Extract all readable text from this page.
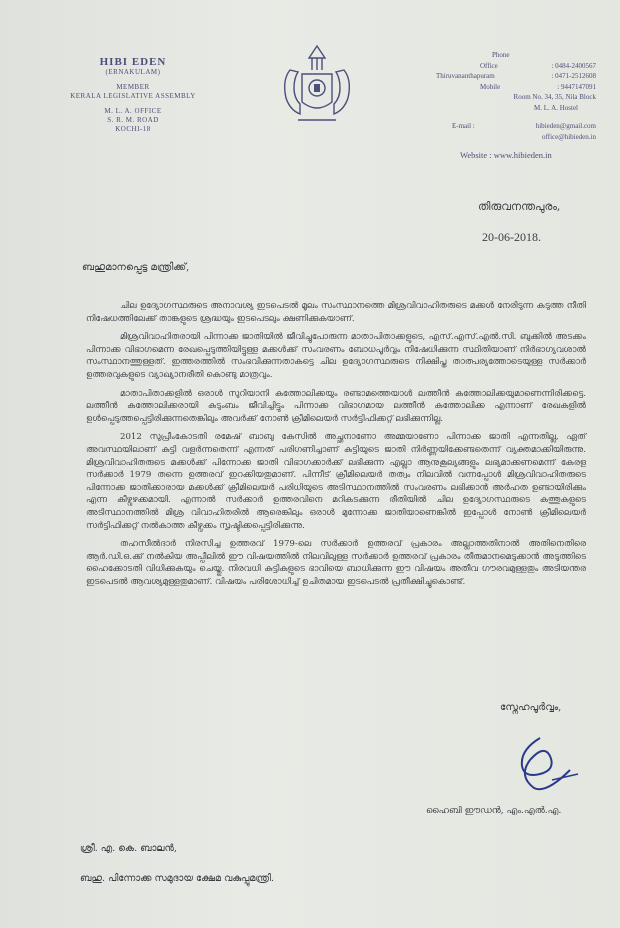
HIBI EDEN
(ERNAKULAM)
MEMBER
KERALA LEGISLATIVE ASSEMBLY
M. L. A. OFFICE
S. R. M. ROAD
KOCHI-18
Phone
Office	: 0484-2400567
Thiruvananthapuram	: 0471-2512608
Mobile	: 9447147091
Room No. 34, 35, Nila Block
M. L. A. Hostel
E-mail :	hibieden@gmail.com
office@hibieden.in
Website : www.hibieden.in
തിരുവനന്തപുരം,
20-06-2018.
ബഹുമാനപ്പെട്ട മന്ത്രിക്ക്,

ചില ഉദ്യോഗസ്ഥരുടെ അനാവശ്യ ഇടപെടൽ മൂലം സംസ്ഥാനത്തെ മിശ്രവിവാഹിതരുടെ മക്കൾ നേരിടുന്ന കടുത്ത നീതി നിഷേധത്തിലേക്ക് താങ്കളുടെ ശ്രദ്ധയും ഇടപെടലും ക്ഷണിക്കുകയാണ്.

മിശ്രവിവാഹിതരായി പിന്നാക്ക ജാതിയിൽ ജീവിച്ചുപോരുന്ന മാതാപിതാക്കളുടെ, എസ്.എസ്.എൽ.സി. ബുക്കിൽ അടക്കം പിന്നാക്ക വിഭാഗമെന്ന രേഖപ്പെടുത്തിയിട്ടുള്ള മക്കൾക്ക് സംവരണം ബോധപൂർവ്വം നിഷേധിക്കുന്ന സ്ഥിതിയാണ് നിർഭാഗ്യവശാൽ സംസ്ഥാനത്തുള്ളത്. ഇത്തരത്തിൽ സംഭവിക്കുന്നതാകട്ടെ ചില ഉദ്യോഗസ്ഥരുടെ നിക്ഷിപ്ത താത്പര്യത്തോടെയുള്ള സർക്കാർ ഉത്തരവുകളുടെ വ്യാഖ്യാനരീതി കൊണ്ടു മാത്രവും.

മാതാപിതാക്കളിൽ ഒരാൾ സുറിയാനി കത്തോലിക്കയും രണ്ടാമത്തെയാൾ ലത്തീൻ കത്തോലിക്കയുമാണെന്നിരിക്കട്ടെ. ലത്തീൻ കത്തോലിക്കരായി കുടുംബം ജീവിച്ചിട്ടും പിന്നാക്ക വിഭാഗമായ ലത്തീൻ കത്തോലിക്ക എന്നാണ് രേഖകളിൽ ഉൾപ്പെടുത്തപ്പെട്ടിരിക്കുന്നതെങ്കിലും അവർക്ക് നോൺ ക്രീമിലെയർ സർട്ടിഫിക്കറ്റ് ലഭിക്കുന്നില്ല.

2012 സുപ്രീംകോടതി രമേഷ് ബാബു കേസിൽ അച്ഛനാണോ അമ്മയാണോ പിന്നാക്ക ജാതി എന്നതില്ല, ഏത് അവസ്ഥയിലാണ് കുട്ടി വളർന്നതെന്ന് എന്നത് പരിഗണിച്ചാണ് കുട്ടിയുടെ ജാതി നിർണ്ണയിക്കേണ്ടതെന്ന് വ്യക്തമാക്കിയിരുന്നു. മിശ്രവിവാഹിതരുടെ മക്കൾക്ക് പിന്നോക്ക ജാതി വിഭാഗക്കാർക്ക് ലഭിക്കുന്ന എല്ലാ ആനുകൂല്യങ്ങളും ലഭ്യമാക്കണമെന്ന് കേരള സർക്കാർ 1979 തന്നെ ഉത്തരവ് ഇറക്കിയതുമാണ്. പിന്നീട് ക്രീമിലെയർ തത്വം നിലവിൽ വന്നപ്പോൾ മിശ്രവിവാഹിതരുടെ പിന്നോക്ക ജാതിക്കാരായ മക്കൾക്ക് ക്രീമിലെയർ പരിധിയുടെ അടിസ്ഥാനത്തിൽ സംവരണം ലഭിക്കാൻ അർഹത ഉണ്ടായിരിക്കും എന്ന കീഴ്വഴക്കമായി. എന്നാൽ സർക്കാർ ഉത്തരവിനെ മറികടക്കുന്ന രീതിയിൽ ചില ഉദ്യോഗസ്ഥരുടെ കത്തുകളുടെ അടിസ്ഥാനത്തിൽ മിശ്ര വിവാഹിതരിൽ ആരെങ്കിലും ഒരാൾ മുന്നോക്ക ജാതിയാണെങ്കിൽ ഇപ്പോൾ നോൺ ക്രീമിലെയർ സർട്ടിഫിക്കറ്റ് നൽകാത്ത കീഴ്വക്കം സൃഷ്ടിക്കപ്പെട്ടിരിക്കുന്നു.

തഹസീൽദാർ നിരസിച്ച ഉത്തരവ് 1979-ലെ സർക്കാർ ഉത്തരവ് പ്രകാരം അല്ലാത്തതിനാൽ അതിനെതിരെ ആർ.ഡി.ഒ.ക്ക് നൽകിയ അപ്പീലിൽ ഈ വിഷയത്തിൽ നിലവിലുള്ള സർക്കാർ ഉത്തരവ് പ്രകാരം തീരുമാനമെടുക്കാൻ അടുത്തിടെ ഹൈക്കോടതി വിധിക്കുകയും ചെയ്തു. നിരവധി കുട്ടികളുടെ ഭാവിയെ ബാധിക്കുന്ന ഈ വിഷയം അതീവ ഗൗരവമുള്ളതും അടിയന്തര ഇടപെടൽ ആവശ്യമുള്ളതുമാണ്. വിഷയം പരിശോധിച്ച് ഉചിതമായ ഇടപെടൽ പ്രതീക്ഷിച്ചുകൊണ്ട്.

സ്നേഹപൂർവ്വം,
ഹൈബി ഈഡൻ, എം.എൽ.എ.
ശ്രീ. എ. കെ. ബാലൻ,
ബഹു. പിന്നോക്ക സമുദായ ക്ഷേമ വകുപ്പുമന്ത്രി.
